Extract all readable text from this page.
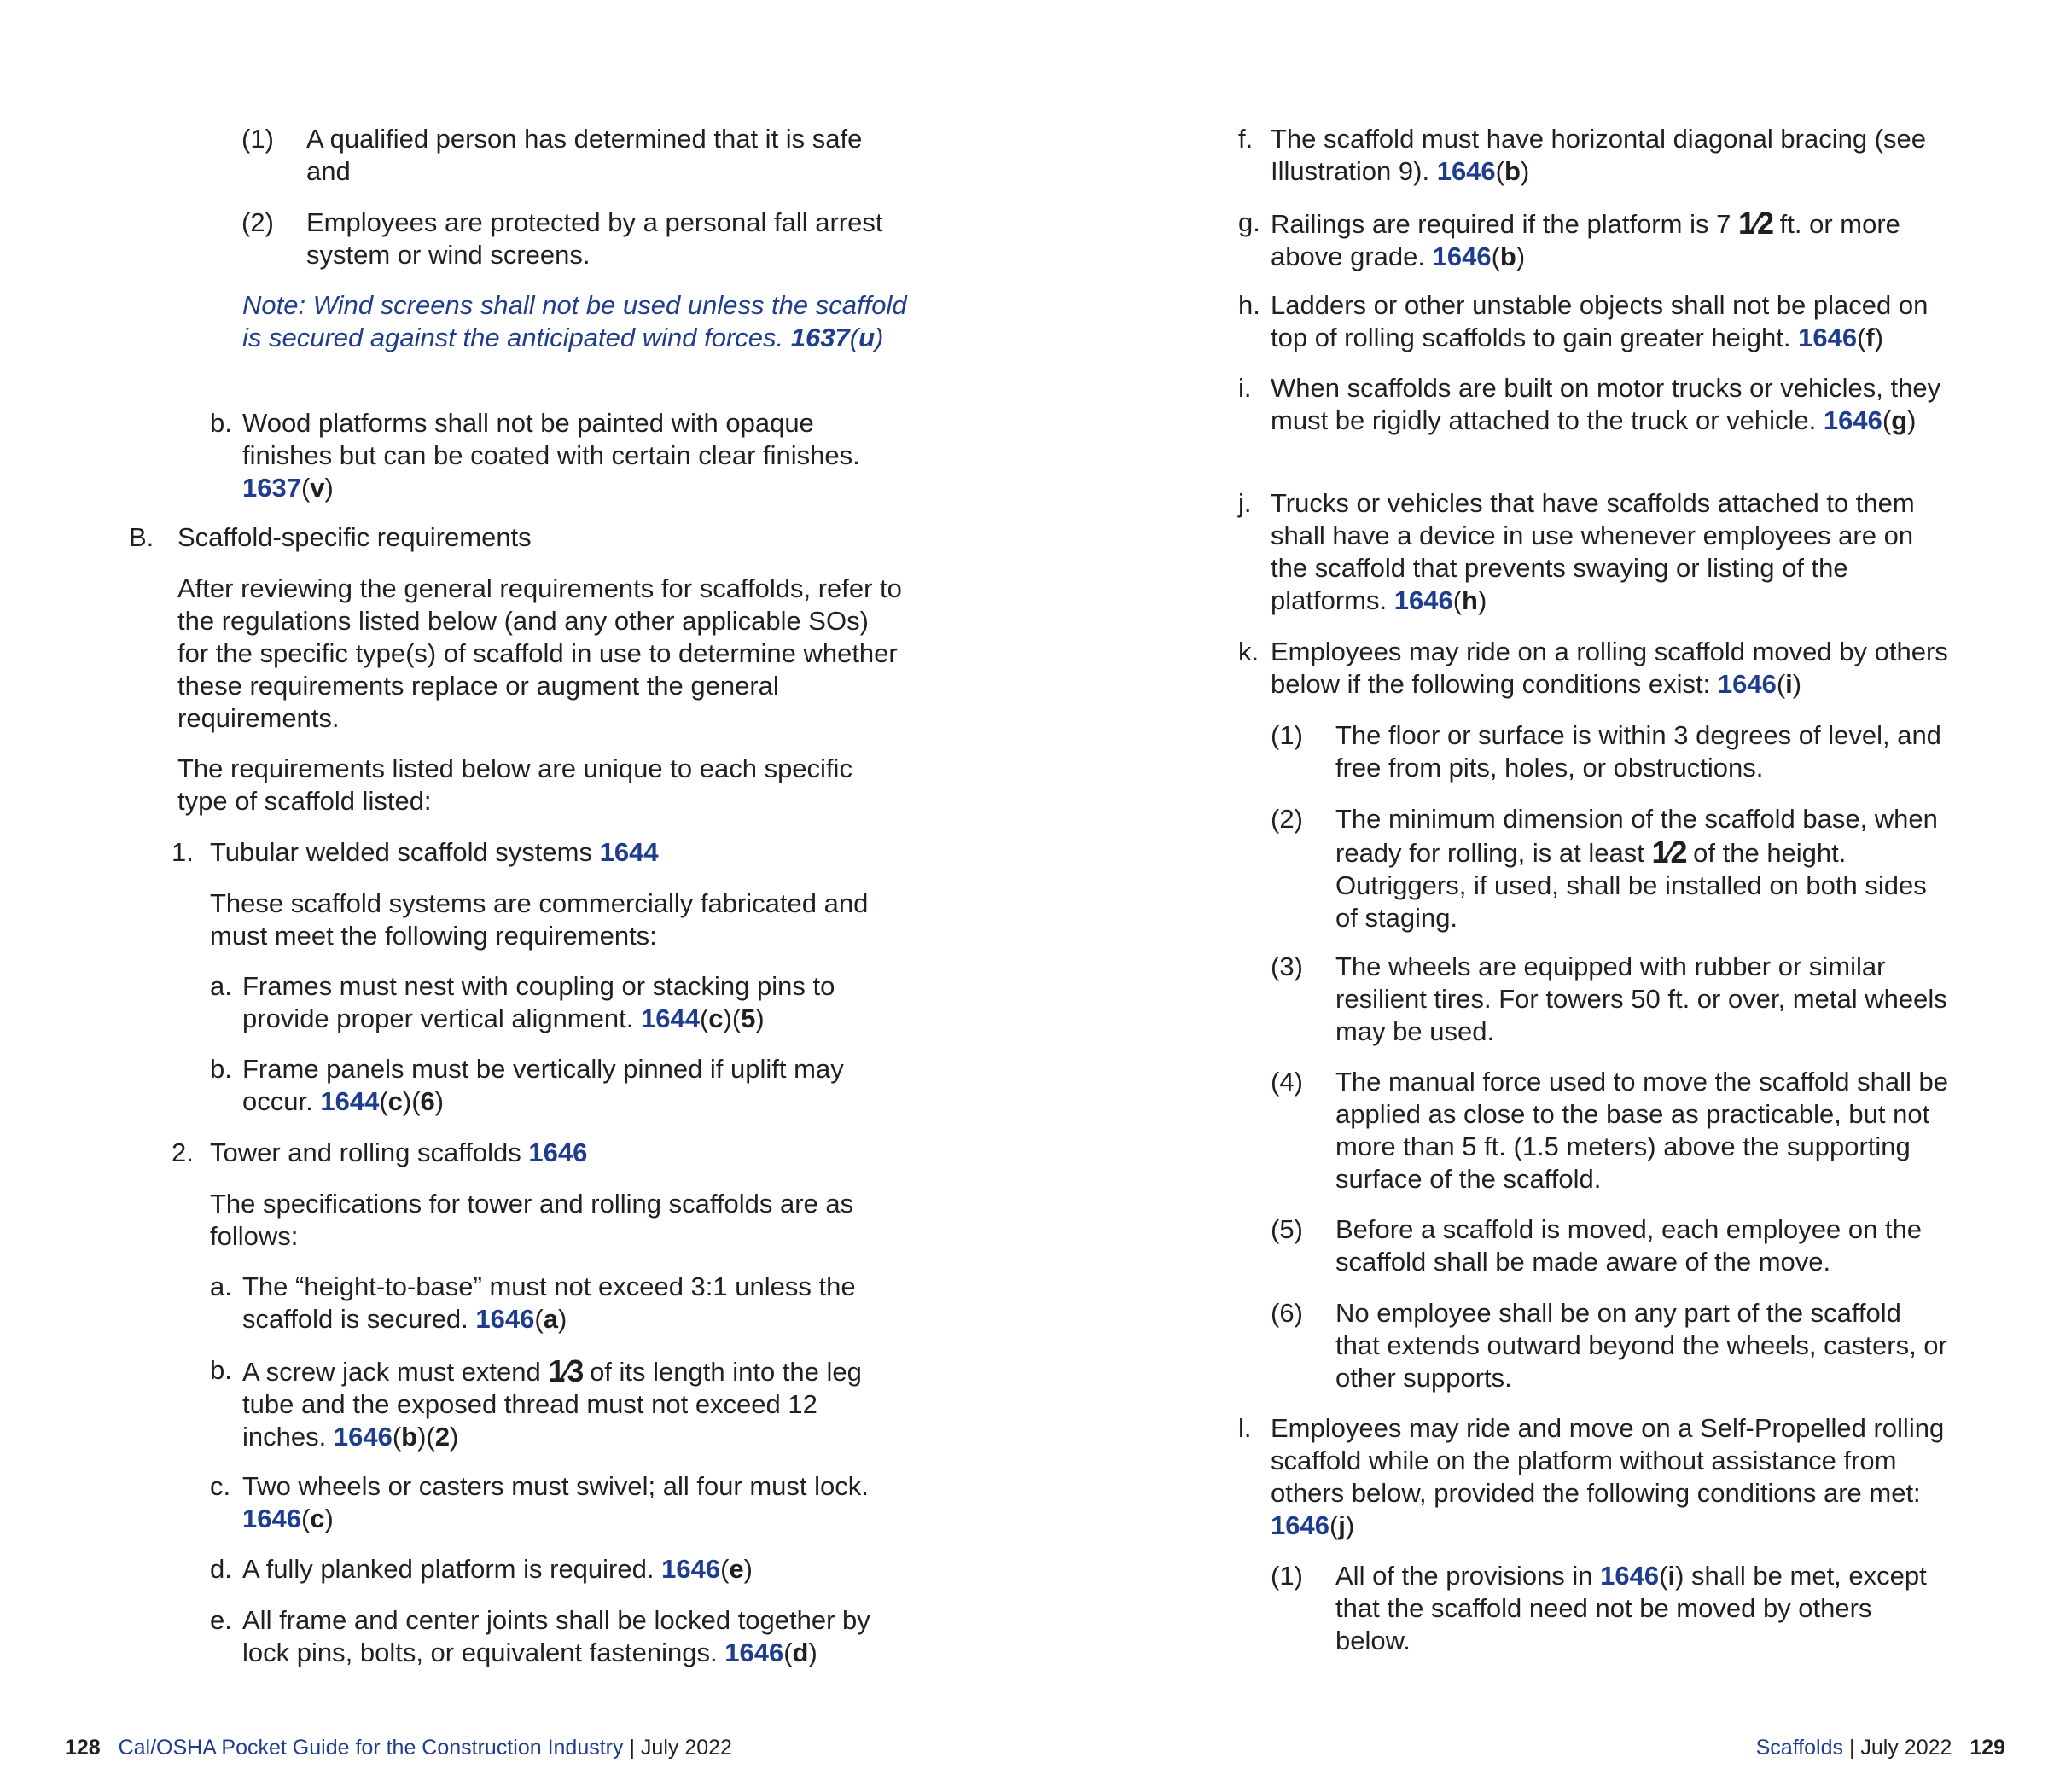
(1) A qualified person has determined that it is safe and

(2) Employees are protected by a personal fall arrest system or wind screens.

Note: Wind screens shall not be used unless the scaffold is secured against the anticipated wind forces. 1637(u)

b. Wood platforms shall not be painted with opaque finishes but can be coated with certain clear finishes. 1637(v)

B. Scaffold-specific requirements

After reviewing the general requirements for scaffolds, refer to the regulations listed below (and any other applicable SOs) for the specific type(s) of scaffold in use to determine whether these requirements replace or augment the general requirements.

The requirements listed below are unique to each specific type of scaffold listed:

1. Tubular welded scaffold systems 1644

These scaffold systems are commercially fabricated and must meet the following requirements:

a. Frames must nest with coupling or stacking pins to provide proper vertical alignment. 1644(c)(5)

b. Frame panels must be vertically pinned if uplift may occur. 1644(c)(6)

2. Tower and rolling scaffolds 1646

The specifications for tower and rolling scaffolds are as follows:

a. The “height-to-base” must not exceed 3:1 unless the scaffold is secured. 1646(a)

b. A screw jack must extend 1⁄3 of its length into the leg tube and the exposed thread must not exceed 12 inches. 1646(b)(2)

c. Two wheels or casters must swivel; all four must lock. 1646(c)

d. A fully planked platform is required. 1646(e)

e. All frame and center joints shall be locked together by lock pins, bolts, or equivalent fastenings. 1646(d)

128 Cal/OSHA Pocket Guide for the Construction Industry | July 2022
f. The scaffold must have horizontal diagonal bracing (see Illustration 9). 1646(b)

g. Railings are required if the platform is 7 1⁄2 ft. or more above grade. 1646(b)

h. Ladders or other unstable objects shall not be placed on top of rolling scaffolds to gain greater height. 1646(f)

i. When scaffolds are built on motor trucks or vehicles, they must be rigidly attached to the truck or vehicle. 1646(g)

j. Trucks or vehicles that have scaffolds attached to them shall have a device in use whenever employees are on the scaffold that prevents swaying or listing of the platforms. 1646(h)

k. Employees may ride on a rolling scaffold moved by others below if the following conditions exist: 1646(i)

(1) The floor or surface is within 3 degrees of level, and free from pits, holes, or obstructions.

(2) The minimum dimension of the scaffold base, when ready for rolling, is at least 1⁄2 of the height. Outriggers, if used, shall be installed on both sides of staging.

(3) The wheels are equipped with rubber or similar resilient tires. For towers 50 ft. or over, metal wheels may be used.

(4) The manual force used to move the scaffold shall be applied as close to the base as practicable, but not more than 5 ft. (1.5 meters) above the supporting surface of the scaffold.

(5) Before a scaffold is moved, each employee on the scaffold shall be made aware of the move.

(6) No employee shall be on any part of the scaffold that extends outward beyond the wheels, casters, or other supports.

l. Employees may ride and move on a Self-Propelled rolling scaffold while on the platform without assistance from others below, provided the following conditions are met: 1646(j)

(1) All of the provisions in 1646(i) shall be met, except that the scaffold need not be moved by others below.

Scaffolds | July 2022 129
